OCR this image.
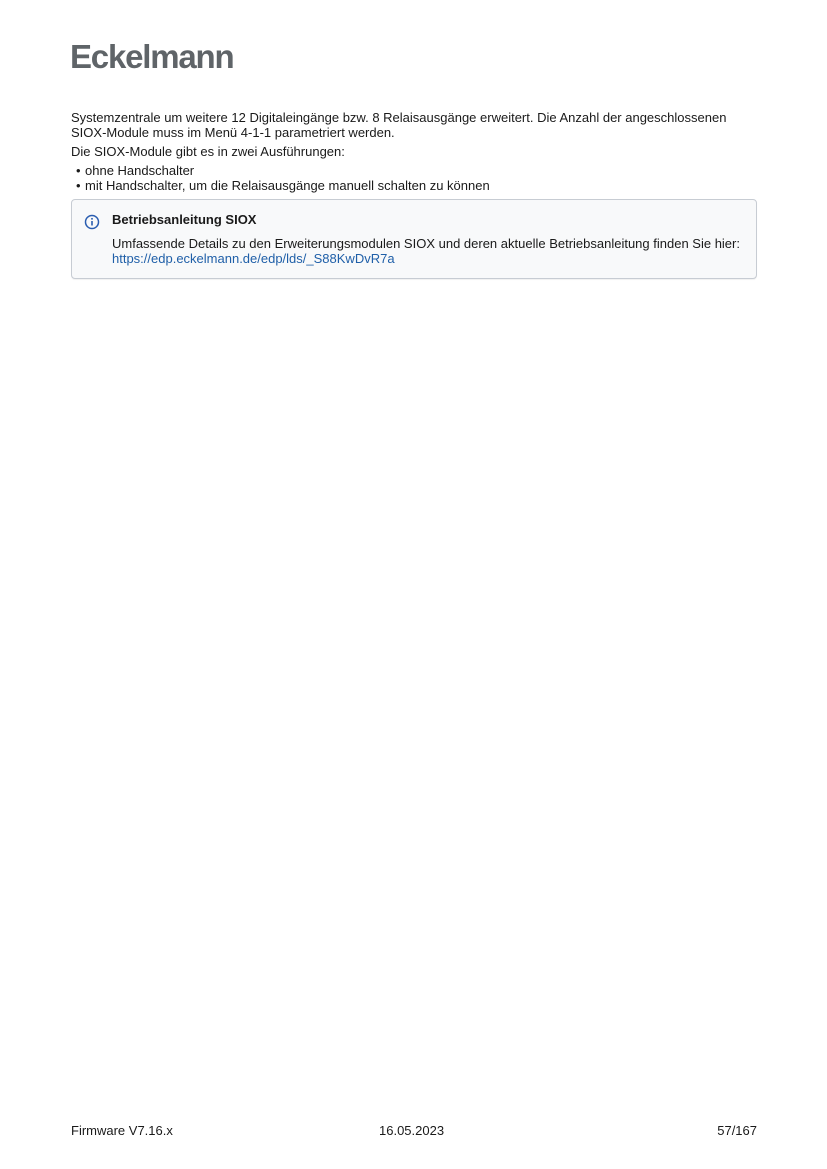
Eckelmann

Systemzentrale um weitere 12 Digitaleingänge bzw. 8 Relaisausgänge erweitert. Die Anzahl der angeschlossenen SIOX-Module muss im Menü 4-1-1 parametriert werden.

Die SIOX-Module gibt es in zwei Ausführungen:

• ohne Handschalter
• mit Handschalter, um die Relaisausgänge manuell schalten zu können
Betriebsanleitung SIOX
Umfassende Details zu den Erweiterungsmodulen SIOX und deren aktuelle Betriebsanleitung finden Sie hier:
https://edp.eckelmann.de/edp/lds/_S88KwDvR7a
Firmware V7.16.x	16.05.2023	57/167
